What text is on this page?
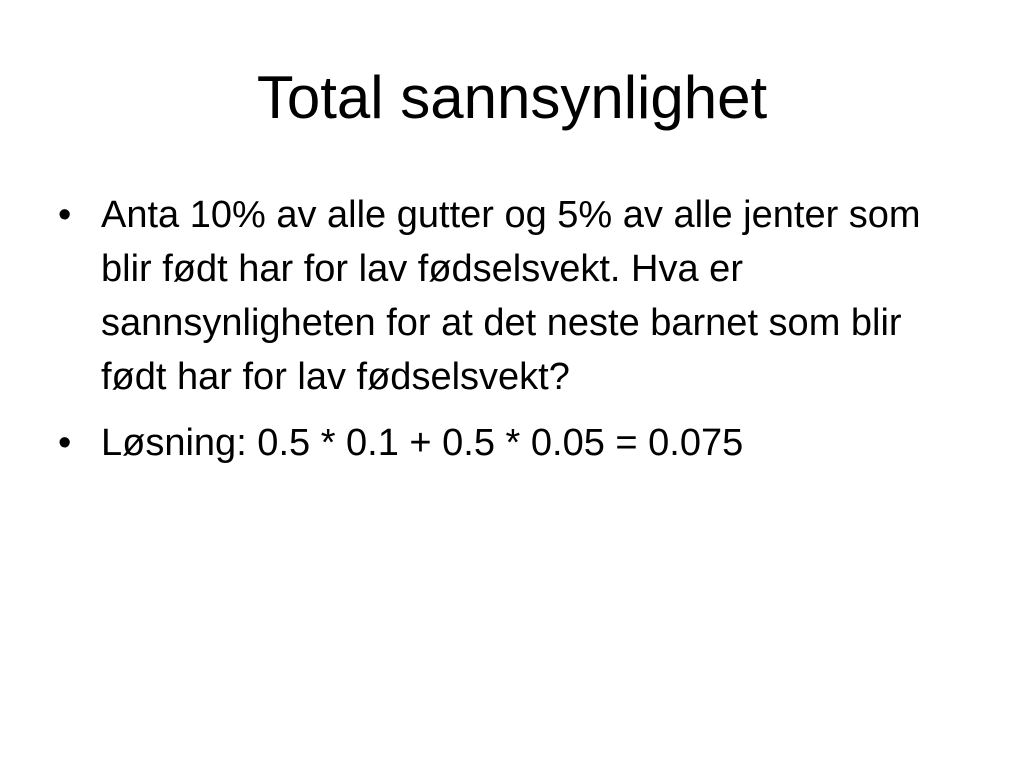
Total sannsynlighet
• Anta 10% av alle gutter og 5% av alle jenter som blir født har for lav fødselsvekt. Hva er sannsynligheten for at det neste barnet som blir født har for lav fødselsvekt?
• Løsning: 0.5 * 0.1 + 0.5 * 0.05 = 0.075
